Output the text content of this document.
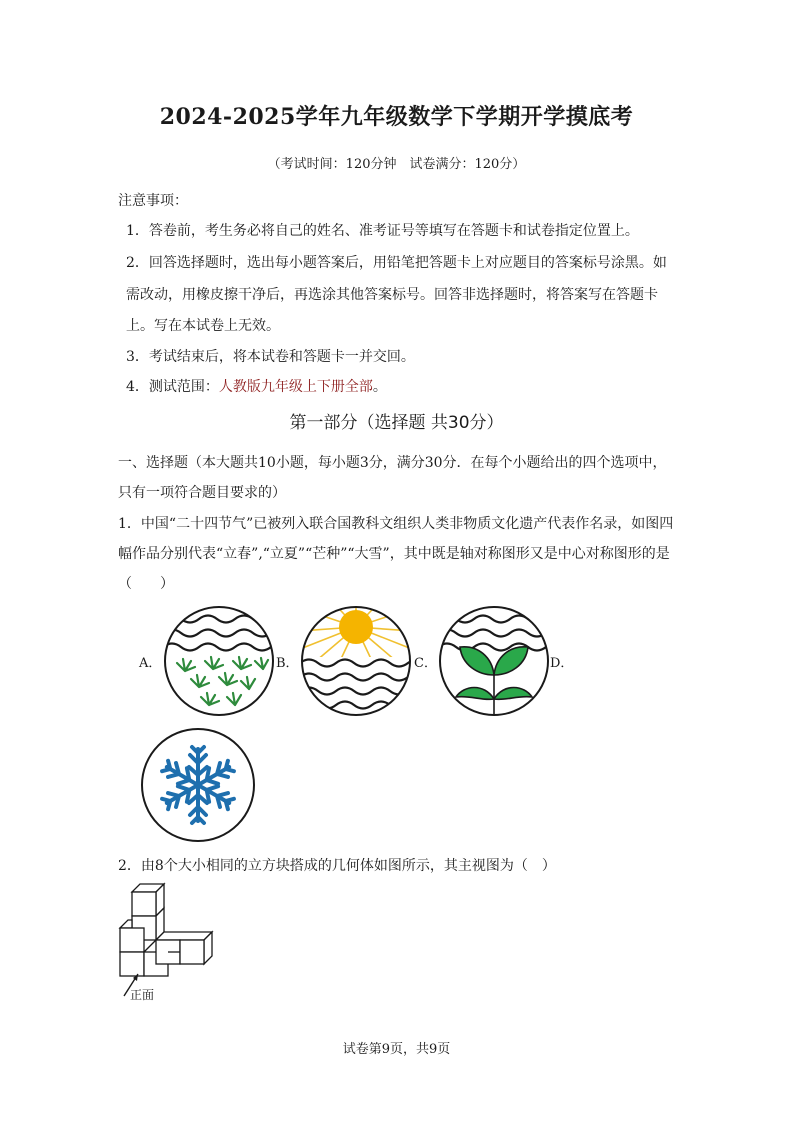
2024-2025学年九年级数学下学期开学摸底考
（考试时间：120分钟　试卷满分：120分）
注意事项：
1．答卷前，考生务必将自己的姓名、准考证号等填写在答题卡和试卷指定位置上。
2．回答选择题时，选出每小题答案后，用铅笔把答题卡上对应题目的答案标号涂黑。如
需改动，用橡皮擦干净后，再选涂其他答案标号。回答非选择题时，将答案写在答题卡
上。写在本试卷上无效。
3．考试结束后，将本试卷和答题卡一并交回。
4．测试范围：人教版九年级上下册全部。
第一部分（选择题 共30分）
一、选择题（本大题共10小题，每小题3分，满分30分．在每个小题给出的四个选项中，
只有一项符合题目要求的）
1．中国“二十四节气”已被列入联合国教科文组织人类非物质文化遗产代表作名录，如图四
幅作品分别代表“立春”,“立夏”“芒种”“大雪”，其中既是轴对称图形又是中心对称图形的是
（　　）
A．	B．	C．	D．
2．由8个大小相同的立方块搭成的几何体如图所示，其主视图为（　）
正面
试卷第9页，共9页
